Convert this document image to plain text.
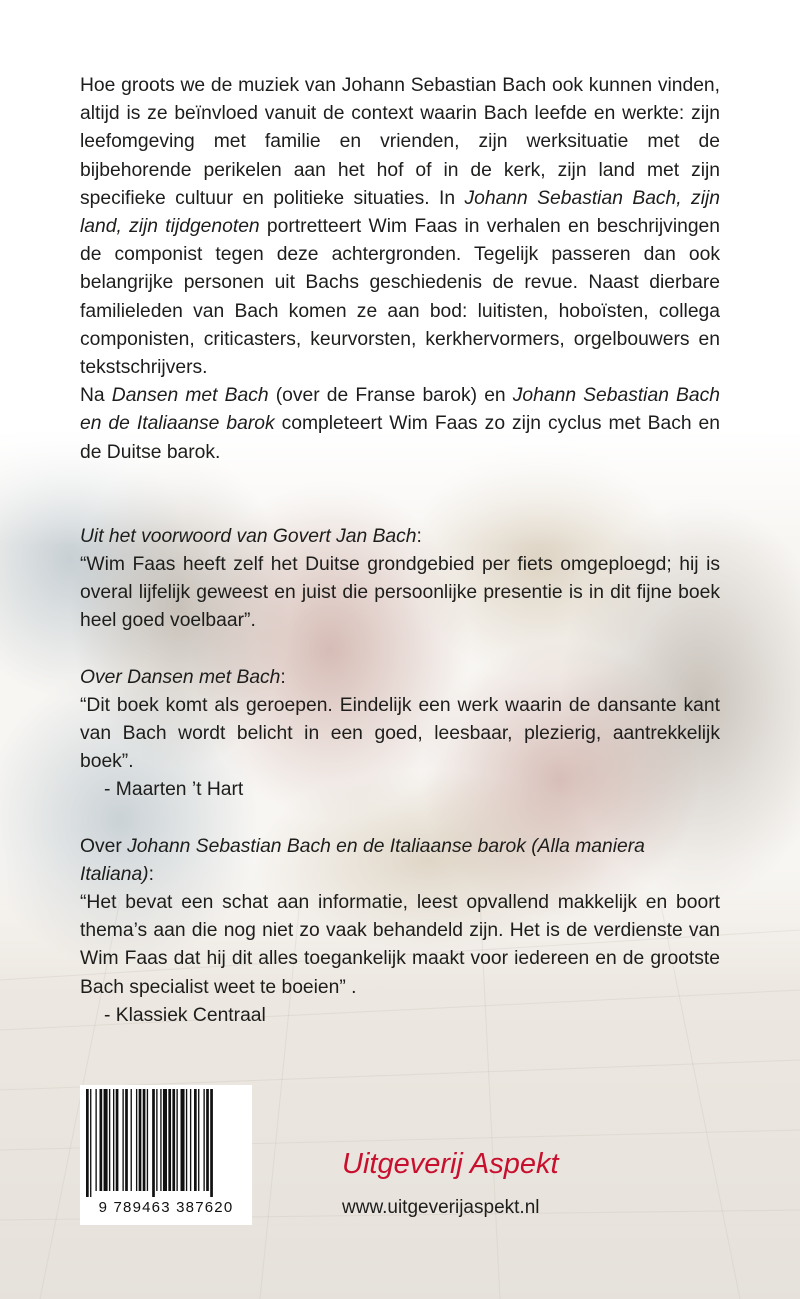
Hoe groots we de muziek van Johann Sebastian Bach ook kunnen vinden, altijd is ze beïnvloed vanuit de context waarin Bach leefde en werkte: zijn leefomgeving met familie en vrienden, zijn werksituatie met de bijbehorende perikelen aan het hof of in de kerk, zijn land met zijn specifieke cultuur en politieke situaties. In Johann Sebastian Bach, zijn land, zijn tijdgenoten portretteert Wim Faas in verhalen en beschrijvingen de componist tegen deze achtergronden. Tegelijk passeren dan ook belangrijke personen uit Bachs geschiedenis de revue. Naast dierbare familieleden van Bach komen ze aan bod: luitisten, hoboïsten, collega componisten, criticasters, keurvorsten, kerkhervormers, orgelbouwers en tekstschrijvers.

Na Dansen met Bach (over de Franse barok) en Johann Sebastian Bach en de Italiaanse barok completeert Wim Faas zo zijn cyclus met Bach en de Duitse barok.

Uit het voorwoord van Govert Jan Bach:

“Wim Faas heeft zelf het Duitse grondgebied per fiets omgeploegd; hij is overal lijfelijk geweest en juist die persoonlijke presentie is in dit fijne boek heel goed voelbaar”.

Over Dansen met Bach:

“Dit boek komt als geroepen. Eindelijk een werk waarin de dansante kant van Bach wordt belicht in een goed, leesbaar, plezierig, aantrekkelijk boek”.

- Maarten ’t Hart

Over Johann Sebastian Bach en de Italiaanse barok (Alla maniera Italiana):

“Het bevat een schat aan informatie, leest opvallend makkelijk en boort thema’s aan die nog niet zo vaak behandeld zijn. Het is de verdienste van Wim Faas dat hij dit alles toegankelijk maakt voor iedereen en de grootste Bach specialist weet te boeien” .

- Klassiek Centraal

9 789463 387620
Uitgeverij Aspekt
www.uitgeverijaspekt.nl
